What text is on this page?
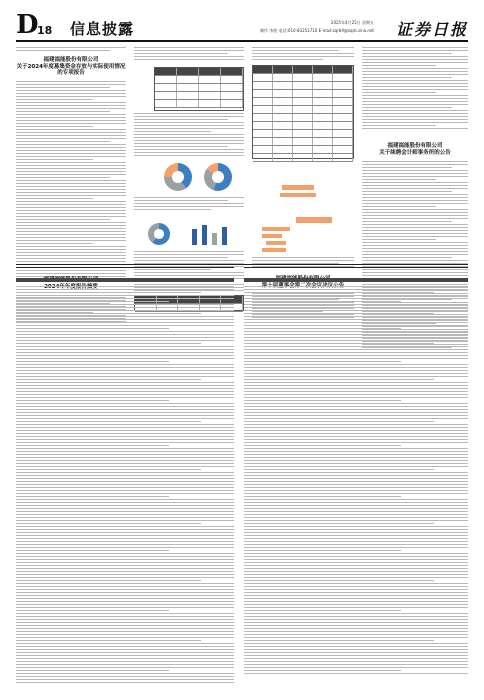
D 18 信息披露	2025年4月25日 星期五
制作 李波 电话:010-83251716 E-mail:zqrb9@zqrb.sina.net 证券日报
福建福能股份有限公司
关于2024年度募集资金存放与实际使用情况
的专项报告
福建福能股份有限公司
关于续聘会计师事务所的公告
